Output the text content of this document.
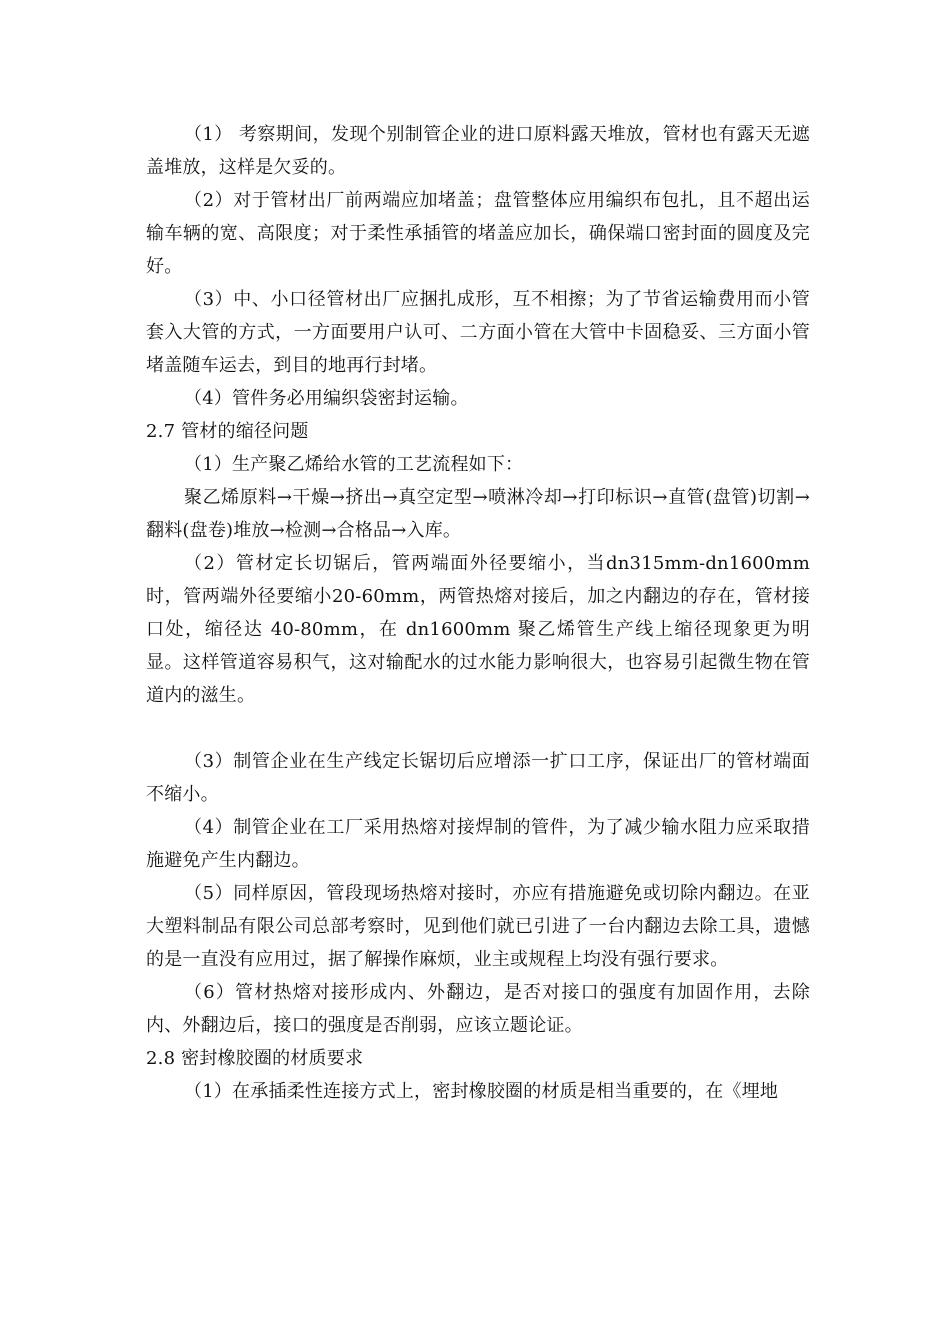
（1） 考察期间，发现个别制管企业的进口原料露天堆放，管材也有露天无遮盖堆放，这样是欠妥的。

（2）对于管材出厂前两端应加堵盖；盘管整体应用编织布包扎，且不超出运输车辆的宽、高限度；对于柔性承插管的堵盖应加长，确保端口密封面的圆度及完好。

（3）中、小口径管材出厂应捆扎成形，互不相擦；为了节省运输费用而小管套入大管的方式，一方面要用户认可、二方面小管在大管中卡固稳妥、三方面小管堵盖随车运去，到目的地再行封堵。

（4）管件务必用编织袋密封运输。

2.7 管材的缩径问题

（1）生产聚乙烯给水管的工艺流程如下：

聚乙烯原料→干燥→挤出→真空定型→喷淋冷却→打印标识→直管(盘管)切割→翻料(盘卷)堆放→检测→合格品→入库。

（2）管材定长切锯后，管两端面外径要缩小，当dn315mm-dn1600mm时，管两端外径要缩小20-60mm，两管热熔对接后，加之内翻边的存在，管材接口处，缩径达 40-80mm，在 dn1600mm 聚乙烯管生产线上缩径现象更为明显。这样管道容易积气，这对输配水的过水能力影响很大，也容易引起微生物在管道内的滋生。

（3）制管企业在生产线定长锯切后应增添一扩口工序，保证出厂的管材端面不缩小。

（4）制管企业在工厂采用热熔对接焊制的管件，为了减少输水阻力应采取措施避免产生内翻边。

（5）同样原因，管段现场热熔对接时，亦应有措施避免或切除内翻边。在亚大塑料制品有限公司总部考察时，见到他们就已引进了一台内翻边去除工具，遗憾的是一直没有应用过，据了解操作麻烦，业主或规程上均没有强行要求。

（6）管材热熔对接形成内、外翻边，是否对接口的强度有加固作用，去除内、外翻边后，接口的强度是否削弱，应该立题论证。

2.8 密封橡胶圈的材质要求

（1）在承插柔性连接方式上，密封橡胶圈的材质是相当重要的，在《埋地
